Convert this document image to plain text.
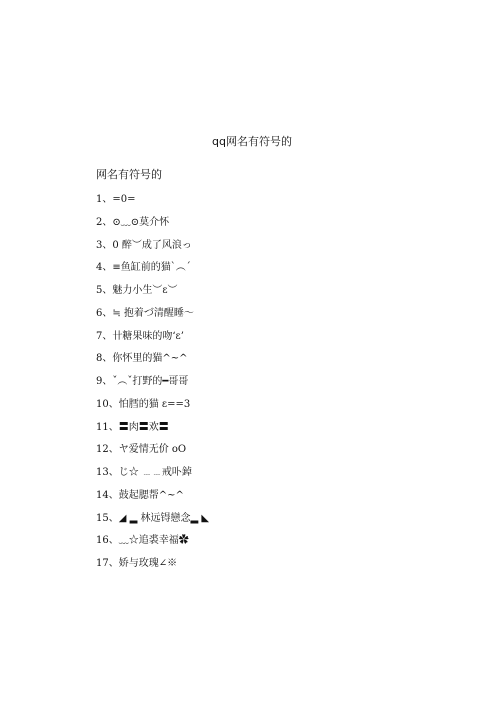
qq网名有符号的
网名有符号的
1、=0=
2、⊙﹏⊙莫介怀
3、0 醉︶成了风浪っ
4、≡鱼缸前的猫`︵´
5、魅力小生︶ε︶
6、≒ 抱着づ清醒睡～
7、卄糖果味的吻‘ε’
8、你怀里的猫^~^
9、ˇ︵ˇ打野的━哥哥
10、怕膤的猫 ε==3
11、〓肉〓欢〓
12、ヤ爱情无价 oO
13、じ☆ ﹍﹍戒卟鋽
14、鼓起腮帮^~^
15、◢ ▂ 林远锝戀念▂ ◣
16、﹏☆追裘幸福✿
17、娇与玫瑰∠※
